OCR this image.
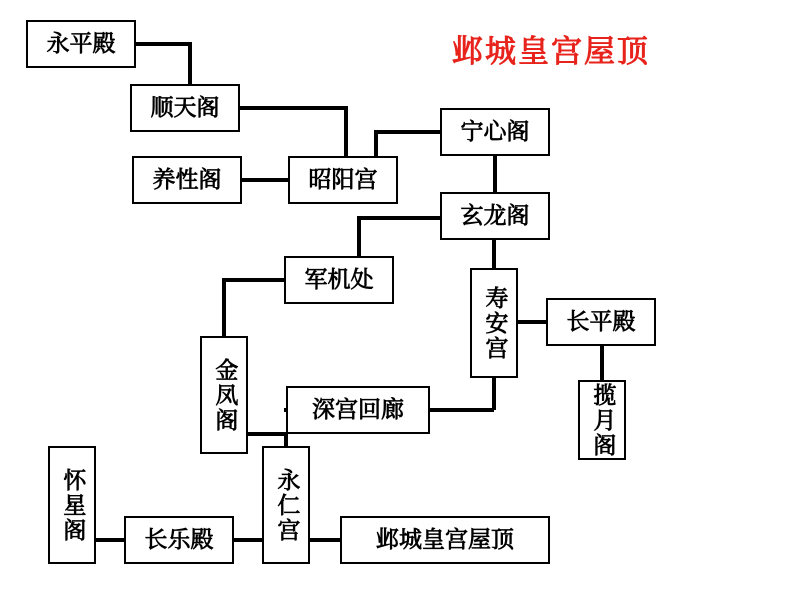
邺城皇宫屋顶
永平殿
顺天阁
宁心阁
养性阁	昭阳宫
玄龙阁
军机处
寿安宫	长平殿
金凤阁	揽月阁
深宫回廊
怀星阁	永仁宫
长乐殿	邺城皇宫屋顶
